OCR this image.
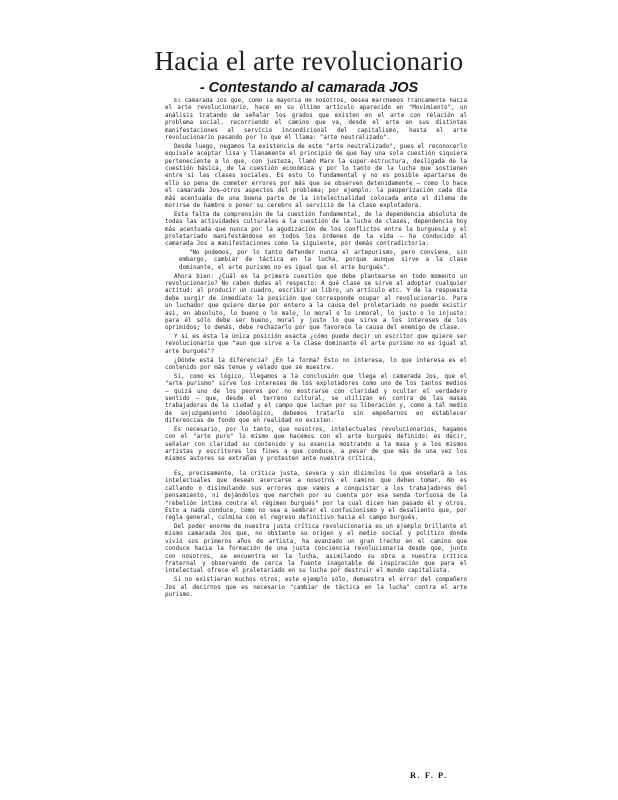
Hacia el arte revolucionario
- Contestando al camarada JOS

El camarada Jos que, como la mayoría de nosotros, desea marchemos francamente hacia el arte revolucionario, hace en su último artículo aparecido en "Movimiento", un análisis tratando de señalar los grados que existen en el arte con relación al problema social, recorriendo el camino que va, desde el arte en sus distintas manifestaciones al servicio incondicional del capitalismo, hasta el arte revolucionario pasando por lo que él llama: "arte neutralizado".

Desde luego, negamos la existencia de este "arte neutralizado", pues el reconocerlo equivale aceptar lisa y llanamente el principio de que hay una sola cuestión siquiera perteneciente a lo que, con justeza, llamó Marx la super-estructura, desligada de la cuestión básica, de la cuestión económica y por lo tanto de la lucha que sostienen entre sí las clases sociales. Es esto lo fundamental y no es posible apartarse de ello so pena de cometer errores por más que se observen detenidamente — como lo hace el camarada Jos—otros aspectos del problema; por ejemplo: la pauperización cada día más acentuada de una buena parte de la intelectualidad colocada ante el dilema de morirse de hambre o poner su cerebro al servicio de la clase explotadora.

Esta falta de comprensión de la cuestión fundamental, de la dependencia absoluta de todas las actividades culturales a la cuestión de la lucha de clases, dependencia hoy más acentuada que nunca por la agudización de los conflictos entre la burguesía y el proletariado manifestándose en todos los órdenes de la vida — ha conducido al camarada Jos a manifestaciones como la siguiente, por demás contradictoria:

"No podemos, por lo tanto defender nunca el artepurismo, pero conviene, sin embargo, cambiar de táctica en la lucha, porque aunque sirve a la clase dominante, el arte purismo no es igual que el arte burgués".

Ahora bien: ¿Cuál es la primera cuestión que debe plantearse en todo momento un revolucionario? No caben dudas al respecto: A qué clase se sirve al adoptar cualquier actitud: al producir un cuadro, escribir un libro, un artículo etc. Y de la respuesta debe surgir de inmediato la posición que corresponde ocupar al revolucionario. Para un luchador que quiere darse por entero a la causa del proletariado no puede existir así, en absoluto, lo bueno o lo malo, lo moral o lo inmoral, lo justo o lo injusto: para él sólo debe ser bueno, moral y justo lo que sirve a los intereses de los oprimidos; lo demás, debe rechazarlo por que favorece la causa del enemigo de clase.

Y si es ésta la única posición exacta ¿cómo puede decir un escritor que quiere ser revolucionario que "aun que sirve a la clase dominante el arte purismo no es igual al arte burgués"?

¿Dónde está la diferencia? ¿En la forma? Esto no interesa, lo que interesa es el contenido por más tenue y velado que se muestre.

Si, como es lógico, llegamos a la conclusión que llega el camarada Jos, que el "arte purismo" sirve los intereses de los explotadores como uno de los tantos medios — quizá uno de los peores por no mostrarse con claridad y ocultar el verdadero sentido — que, desde el terreno cultural, se utilizan en contra de las masas trabajadoras de la ciudad y el campo que luchan por su liberación y, como a tal medio de sojuzgamiento ideológico, debemos tratarlo sin empeñarnos en establecer diferencias de fondo que en realidad no existen.

Es necesario, por lo tanto, que nosotros, intelectuales revolucionarios, hagamos con el "arte puro" lo mismo que hacemos con el arte burgués definido: es decir, señalar con claridad su contenido y su esencia mostrando a la masa y a los mismos artistas y escritores los fines a que conduce, a pesar de que más de una vez los mismos autores se extrañan y protesten ante nuestra crítica.

Es, precisamente, la crítica justa, severa y sin disimulos lo que enseñará a los intelectuales que desean acercarse a nosotros el camino que deben tomar. No es callando o disimulando sus errores que vamos a conquistar a los trabajadores del pensamiento, ni dejándolos que marchen por su cuenta por esa senda tortuosa de la "rebelión íntima contra el régimen burgués" por la cual dicen han pasado él y otros. Esto a nada conduce, como no sea a sembrar el confusionismo y el desaliento que, por regla general, culmina con el regreso definitivo hacia el campo burgués.

Del poder enorme de nuestra justa crítica revolucionaria es un ejemplo brillante el mismo camarada Jos que, no obstante su origen y el medio social y político donde vivió sus primeros años de artista, ha avanzado un gran trecho en el camino que conduce hacia la formación de una justa conciencia revolucionaria desde que, junto con nosotros, se encuentra en la lucha, asimilando su obra a nuestra crítica fraternal y observando de cerca la fuente inagotable de inspiración que para el intelectual ofrece el proletariado en su lucha por destruir el mundo capitalista.

Si no existieran muchos otros, este ejemplo sólo, demuestra el error del compañero Jos al decirnos que es necesario "cambiar de táctica en la lucha" contra el arte purismo.

R. F. P.
